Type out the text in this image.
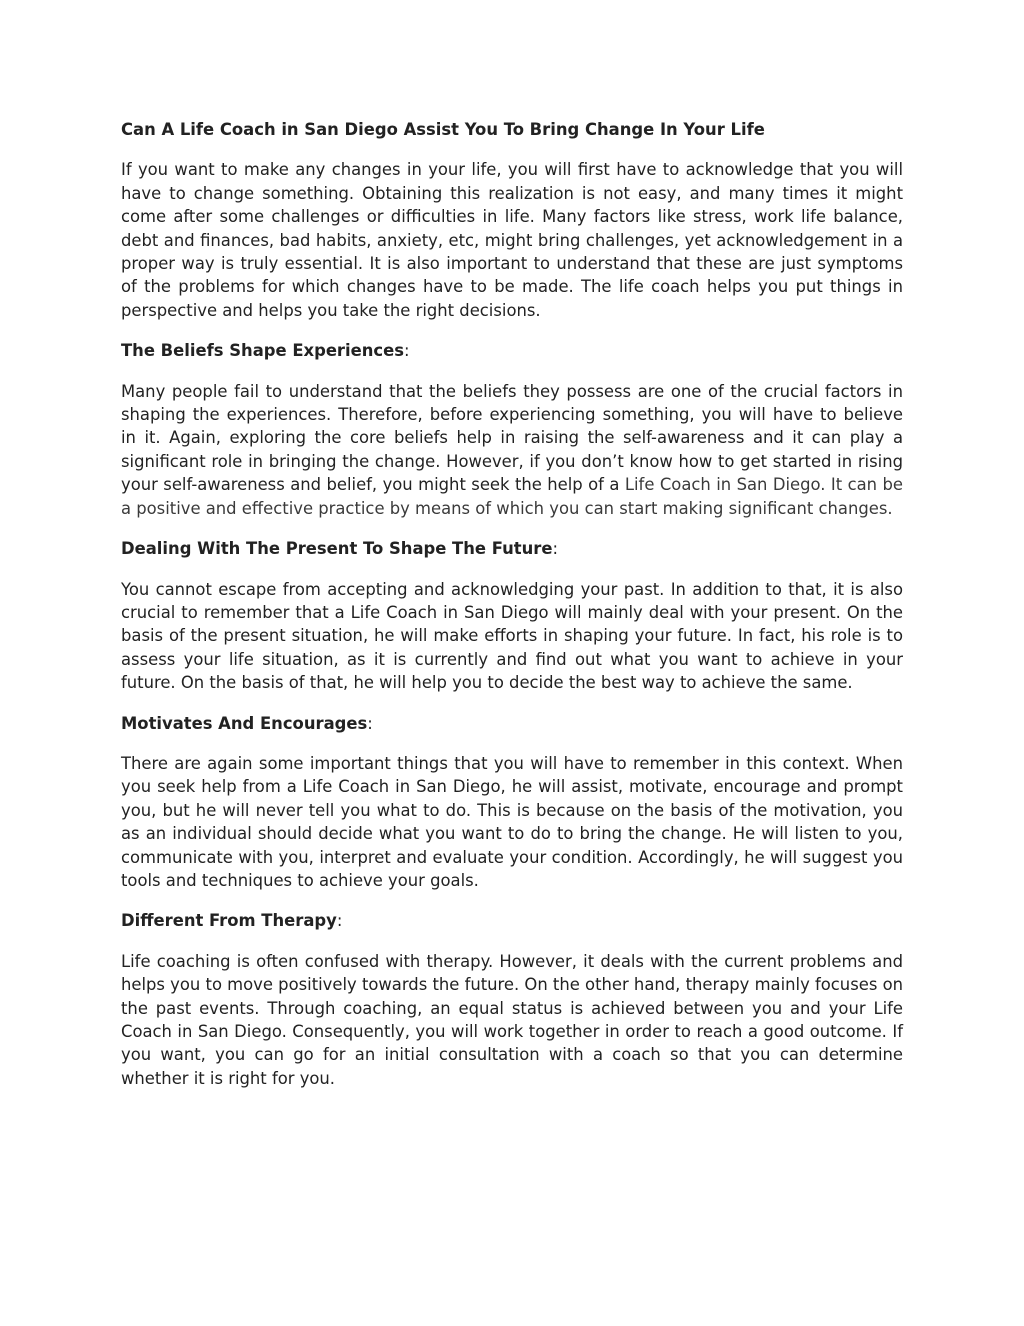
Can A Life Coach in San Diego Assist You To Bring Change In Your Life

If you want to make any changes in your life, you will first have to acknowledge that you will have to change something. Obtaining this realization is not easy, and many times it might come after some challenges or difficulties in life. Many factors like stress, work life balance, debt and finances, bad habits, anxiety, etc, might bring challenges, yet acknowledgement in a proper way is truly essential. It is also important to understand that these are just symptoms of the problems for which changes have to be made. The life coach helps you put things in perspective and helps you take the right decisions.

The Beliefs Shape Experiences:

Many people fail to understand that the beliefs they possess are one of the crucial factors in shaping the experiences. Therefore, before experiencing something, you will have to believe in it. Again, exploring the core beliefs help in raising the self-awareness and it can play a significant role in bringing the change. However, if you don’t know how to get started in rising your self-awareness and belief, you might seek the help of a Life Coach in San Diego. It can be a positive and effective practice by means of which you can start making significant changes.

Dealing With The Present To Shape The Future:

You cannot escape from accepting and acknowledging your past. In addition to that, it is also crucial to remember that a Life Coach in San Diego will mainly deal with your present. On the basis of the present situation, he will make efforts in shaping your future. In fact, his role is to assess your life situation, as it is currently and find out what you want to achieve in your future. On the basis of that, he will help you to decide the best way to achieve the same.

Motivates And Encourages:

There are again some important things that you will have to remember in this context. When you seek help from a Life Coach in San Diego, he will assist, motivate, encourage and prompt you, but he will never tell you what to do. This is because on the basis of the motivation, you as an individual should decide what you want to do to bring the change. He will listen to you, communicate with you, interpret and evaluate your condition. Accordingly, he will suggest you tools and techniques to achieve your goals.

Different From Therapy:

Life coaching is often confused with therapy. However, it deals with the current problems and helps you to move positively towards the future. On the other hand, therapy mainly focuses on the past events. Through coaching, an equal status is achieved between you and your Life Coach in San Diego. Consequently, you will work together in order to reach a good outcome. If you want, you can go for an initial consultation with a coach so that you can determine whether it is right for you.
